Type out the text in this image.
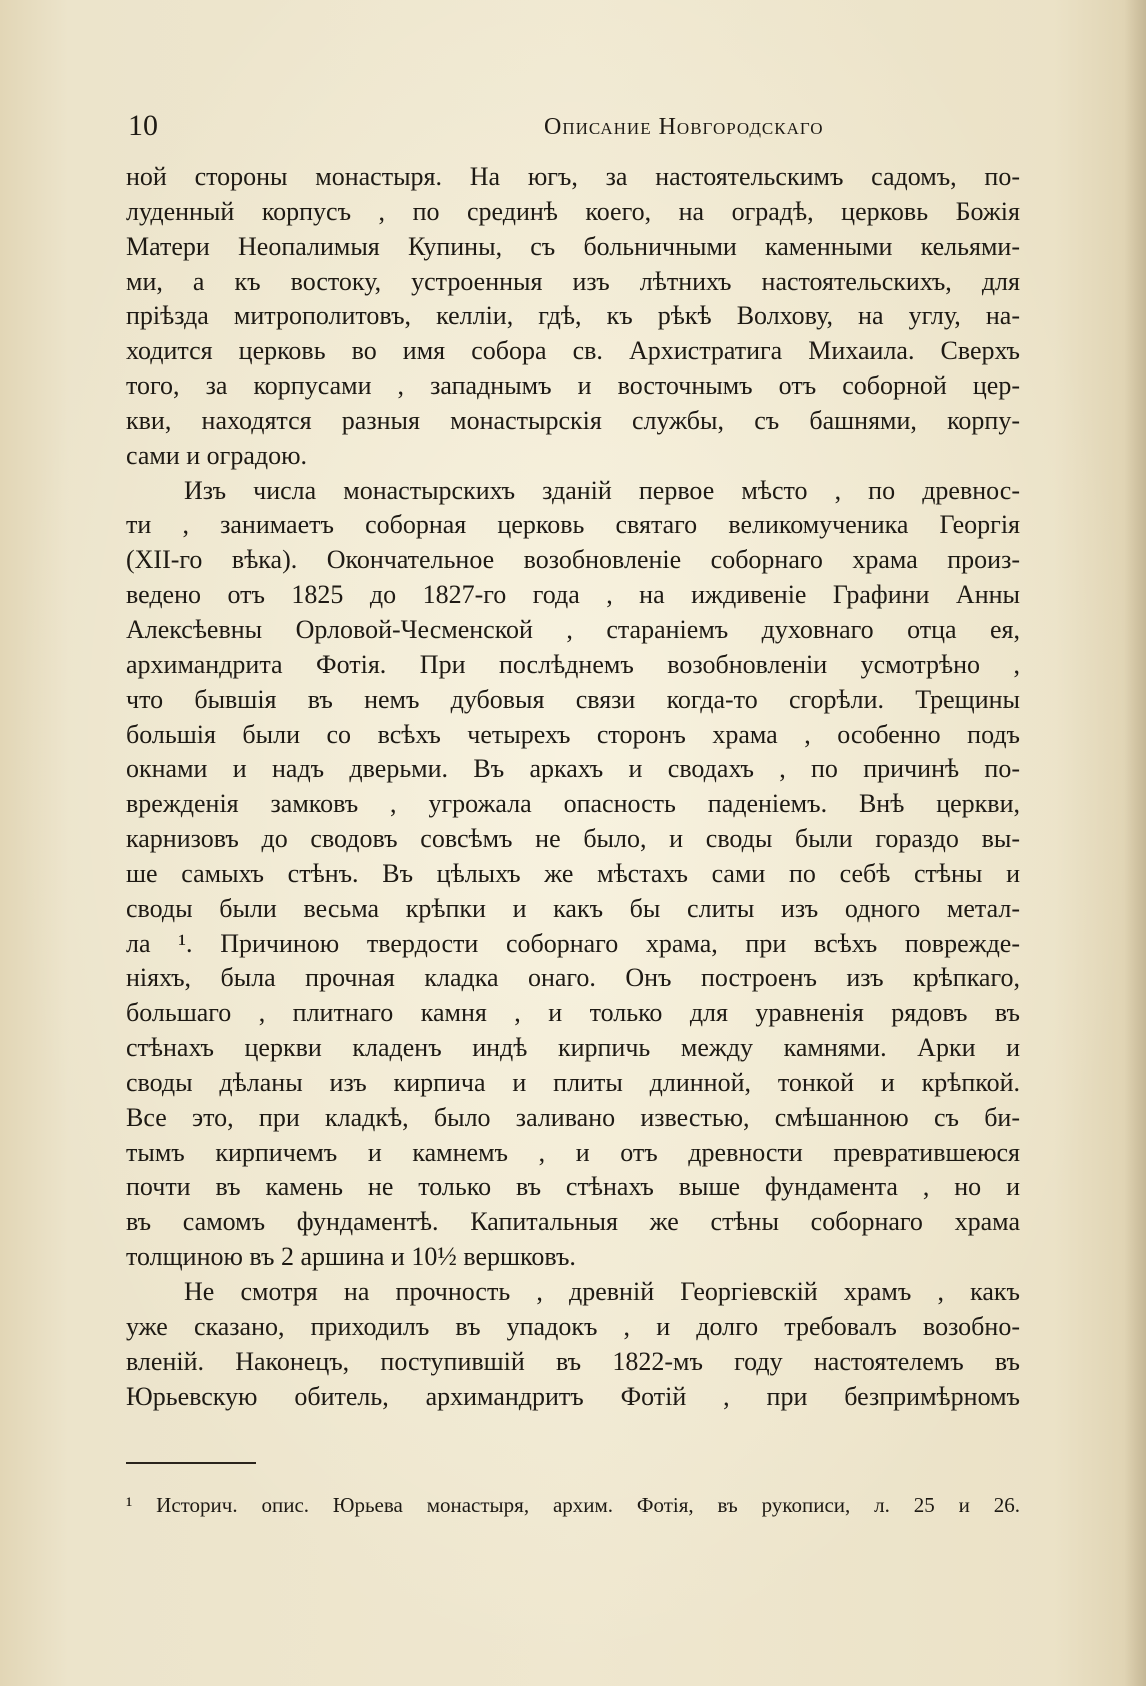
10	Описание Новгородскаго
ной стороны монастыря. На югъ, за настоятельскимъ садомъ, по-
луденный корпусъ , по срединѣ коего, на оградѣ, церковь Божія
Матери Неопалимыя Купины, съ больничными каменными кельями-
ми, а къ востоку, устроенныя изъ лѣтнихъ настоятельскихъ, для
пріѣзда митрополитовъ, келліи, гдѣ, къ рѣкѣ Волхову, на углу, на-
ходится церковь во имя собора св. Архистратига Михаила. Сверхъ
того, за корпусами , западнымъ и восточнымъ отъ соборной цер-
кви, находятся разныя монастырскія службы, съ башнями, корпу-
сами и оградою.
Изъ числа монастырскихъ зданій первое мѣсто , по древнос-
ти , занимаетъ соборная церковь святаго великомученика Георгія
(XII-го вѣка). Окончательное возобновленіе соборнаго храма произ-
ведено отъ 1825 до 1827-го года , на иждивеніе Графини Анны
Алексѣевны Орловой-Чесменской , стараніемъ духовнаго отца ея,
архимандрита Фотія. При послѣднемъ возобновленіи усмотрѣно ,
что бывшія въ немъ дубовыя связи когда-то сгорѣли. Трещины
большія были со всѣхъ четырехъ сторонъ храма , особенно подъ
окнами и надъ дверьми. Въ аркахъ и сводахъ , по причинѣ по-
врежденія замковъ , угрожала опасность паденіемъ. Внѣ церкви,
карнизовъ до сводовъ совсѣмъ не было, и своды были гораздо вы-
ше самыхъ стѣнъ. Въ цѣлыхъ же мѣстахъ сами по себѣ стѣны и
своды были весьма крѣпки и какъ бы слиты изъ одного метал-
ла ¹. Причиною твердости соборнаго храма, при всѣхъ поврежде-
ніяхъ, была прочная кладка онаго. Онъ построенъ изъ крѣпкаго,
большаго , плитнаго камня , и только для уравненія рядовъ въ
стѣнахъ церкви кладенъ индѣ кирпичь между камнями. Арки и
своды дѣланы изъ кирпича и плиты длинной, тонкой и крѣпкой.
Все это, при кладкѣ, было заливано известью, смѣшанною съ би-
тымъ кирпичемъ и камнемъ , и отъ древности превратившеюся
почти въ камень не только въ стѣнахъ выше фундамента , но и
въ самомъ фундаментѣ. Капитальныя же стѣны соборнаго храма
толщиною въ 2 аршина и 10½ вершковъ.
Не смотря на прочность , древній Георгіевскій храмъ , какъ
уже сказано, приходилъ въ упадокъ , и долго требовалъ возобно-
вленій. Наконецъ, поступившій въ 1822-мъ году настоятелемъ въ
Юрьевскую обитель, архимандритъ Фотій , при безпримѣрномъ
¹ Историч. опис. Юрьева монастыря, архим. Фотія, въ рукописи, л. 25 и 26.
